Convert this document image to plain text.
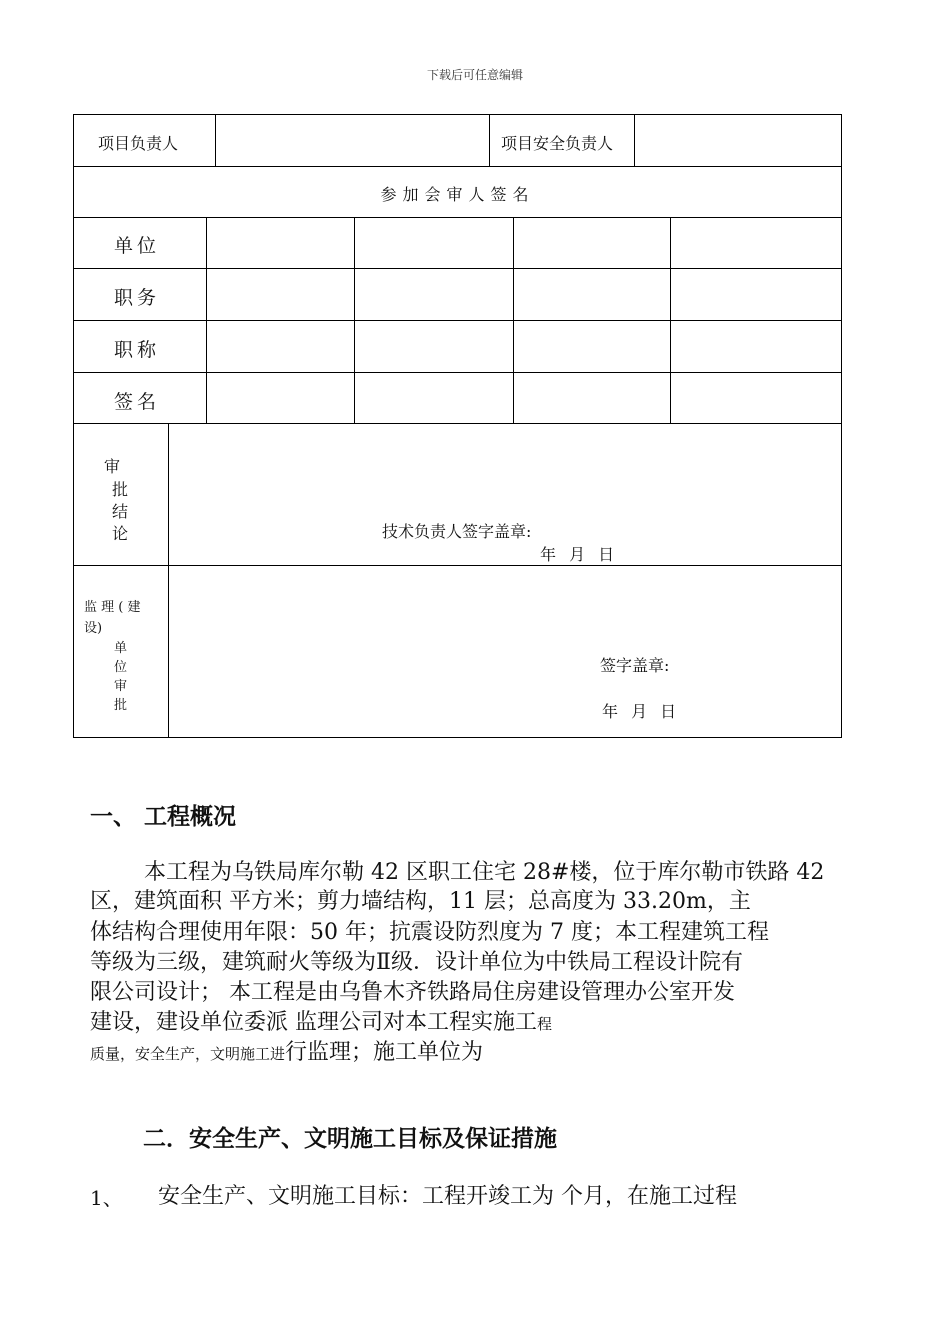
下载后可任意编辑
项目负责人	项目安全负责人
参加会审人签名
单位
职务
职称
签名
审
批
结
论	技术负责人签字盖章:
年 月 日
监 理 ( 建
设)
单
位
审
批
签字盖章:
年 月 日
一、 工程概况
本工程为乌铁局库尔勒 42 区职工住宅 28#楼，位于库尔勒市铁路 42
区，建筑面积 平方米；剪力墙结构，11 层；总高度为 33.20m，主
体结构合理使用年限：50 年；抗震设防烈度为 7 度；本工程建筑工程
等级为三级，建筑耐火等级为Ⅱ级．设计单位为中铁局工程设计院有
限公司设计； 本工程是由乌鲁木齐铁路局住房建设管理办公室开发
建设，建设单位委派 监理公司对本工程实施工程
质量，安全生产，文明施工进行监理；施工单位为
二．安全生产、文明施工目标及保证措施
1、 安全生产、文明施工目标：工程开竣工为 个月，在施工过程
